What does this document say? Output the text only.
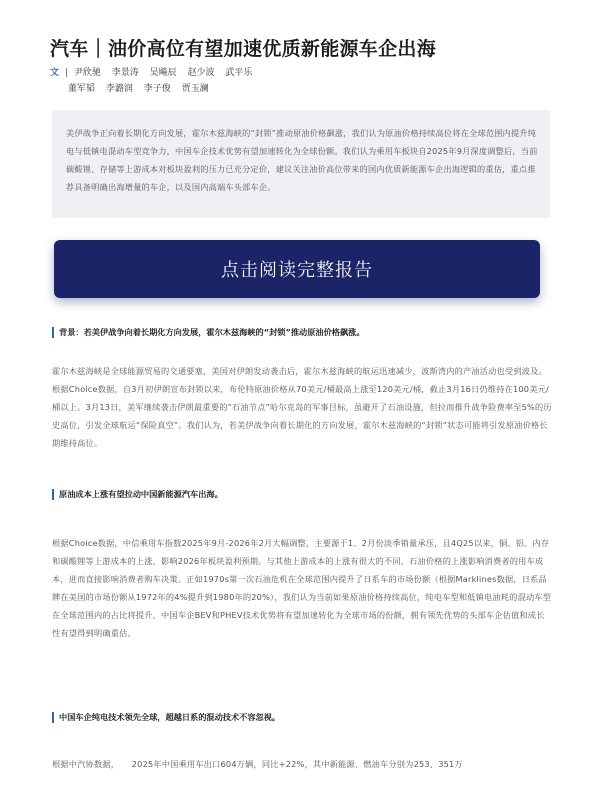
汽车｜油价高位有望加速优质新能源车企出海
文 | 尹欣驰 李景涛 吴飚辰 赵少波 武平乐
董军韬 李潞润 李子俊 贾玉澜
美伊战争正向着长期化方向发展，霍尔木兹海峡的“封锁”推动原油价格飙涨，我们认为原油价格持续高位将在全球范围内提升纯电与低镇电混动车型竞争力，中国车企技术优势有望加速转化为全球份额。我们认为乘用车板块自2025年9月深度调整后，当前碳酸锂、存储等上游成本对板块盈利的压力已充分定价，建议关注油价高位带来的国内优质新能源车企出海逻辑的重估，重点推荐具备明确出海增量的车企，以及国内高端车头部车企。
点击阅读完整报告
背景：若美伊战争向着长期化方向发展，霍尔木兹海峡的“封锁”推动原油价格飙涨。
霍尔木兹海峡是全球能源贸易的交通要塞，美国对伊朗发动袭击后，霍尔木兹海峡的航运迅速减少，波斯湾内的产油活动也受到波及。根据Choice数据，自3月初伊朗宣布封锁以来，布伦特原油价格从70美元/桶最高上涨至120美元/桶，截止3月16日仍维持在100美元/桶以上。3月13日，美军继续袭击伊朗最重要的“石油节点”哈尔克岛的军事目标，虽避开了石油设施，但拉而推升战争险费率至5%的历史高位，引发全球航运“保险真空”。我们认为，若美伊战争向着长期化的方向发展，霍尔木兹海峡的“封锁”状态可能将引发原油价格长期维持高位。
原油成本上涨有望拉动中国新能源汽车出海。
根据Choice数据，中信乘用车指数2025年9月-2026年2月大幅调整，主要源于1、2月份淡季销量承压，且4Q25以来，铜、铝、内存和碳酸锂等上游成本的上涨，影响2026年板块盈利预期。与其他上游成本的上涨有很大的不同，石油价格的上涨影响消费者的用车成本，进而直接影响消费者购车决策。正如1970s第一次石油危机在全球范围内提升了日系车的市场份额（根据Marklines数据，日系品牌在美国的市场份额从1972年的4%提升到1980年的20%），我们认为当前如果原油价格持续高位，纯电车型和低镇电油耗的混动车型在全球范围内的占比将提升，中国车企BEV和PHEV技术优势将有望加速转化为全球市场的份额，拥有领先优势的头部车企估值和成长性有望得到明确重估。
中国车企纯电技术领先全球，超越日系的混动技术不容忽视。
根据中汽协数据，　　2025年中国乘用车出口604万辆，同比+22%，其中新能源、燃油车分别为253、351万
